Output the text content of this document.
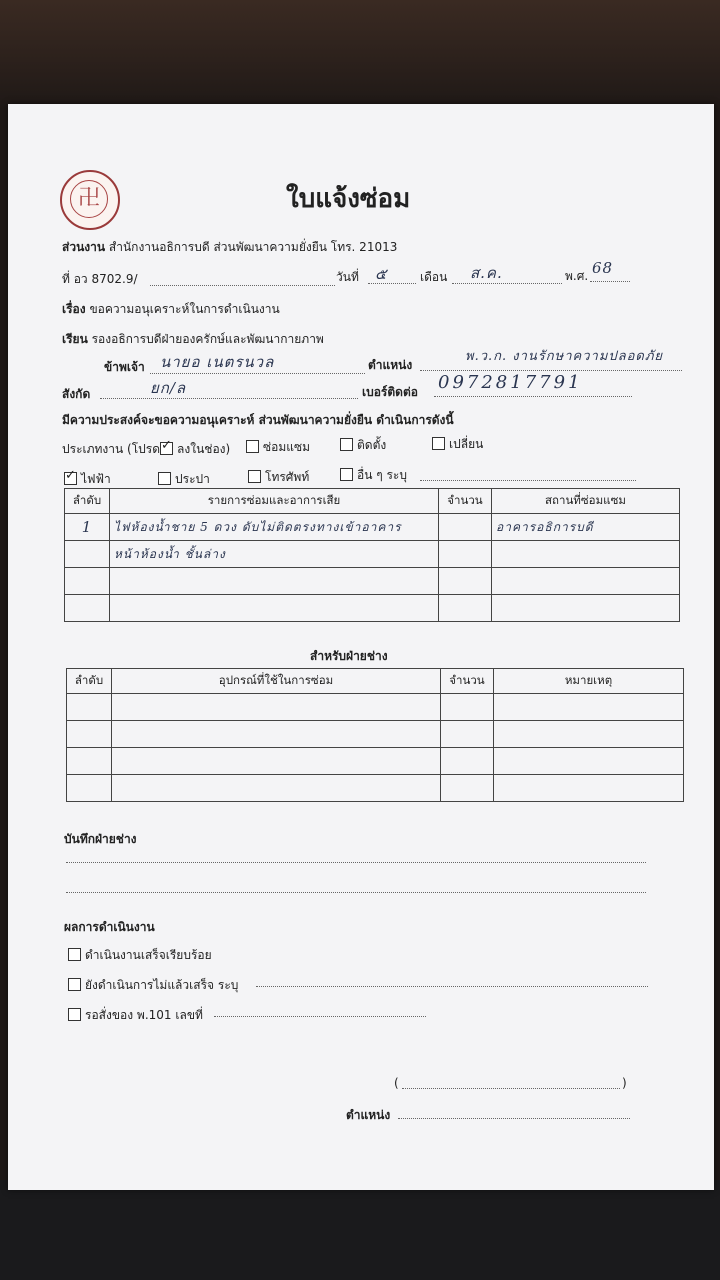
卍	ใบแจ้งซ่อม
ส่วนงาน สำนักงานอธิการบดี ส่วนพัฒนาความยั่งยืน โทร. 21013
ที่ อว 8702.9/	วันที่ ๕	เดือน ส.ค.	พ.ศ. 68
เรื่อง ขอความอนุเคราะห์ในการดำเนินงาน
เรียน รองอธิการบดีฝ่ายองครักษ์และพัฒนากายภาพ
ข้าพเจ้า นายอ เนตรนวล	ตำแหน่ง
พ.ว.ก. งานรักษาความปลอดภัย
สังกัด	ยก/ล	เบอร์ติดต่อ 0972817791
มีความประสงค์จะขอความอนุเคราะห์ ส่วนพัฒนาความยั่งยืน ดำเนินการดังนี้
ประเภทงาน (โปรด ✓ ลงในช่อง)	ซ่อมแซม	ติดตั้ง	เปลี่ยน
✓ไฟฟ้า	ประปา	โทรศัพท์	อื่น ๆ ระบุ
ลำดับ	รายการซ่อมและอาการเสีย	จำนวน	สถานที่ซ่อมแซม
1	ไฟห้องน้ำชาย 5 ดวง ดับไม่ติดตรงทางเข้าอาคาร		อาคารอธิการบดี
	หน้าห้องน้ำ ชั้นล่าง		

สำหรับฝ่ายช่าง
ลำดับ	อุปกรณ์ที่ใช้ในการซ่อม	จำนวน	หมายเหตุ

บันทึกฝ่ายช่าง
ผลการดำเนินงาน
ดำเนินงานเสร็จเรียบร้อย
ยังดำเนินการไม่แล้วเสร็จ ระบุ
รอสั่งของ พ.101 เลขที่
(	)
ตำแหน่ง
